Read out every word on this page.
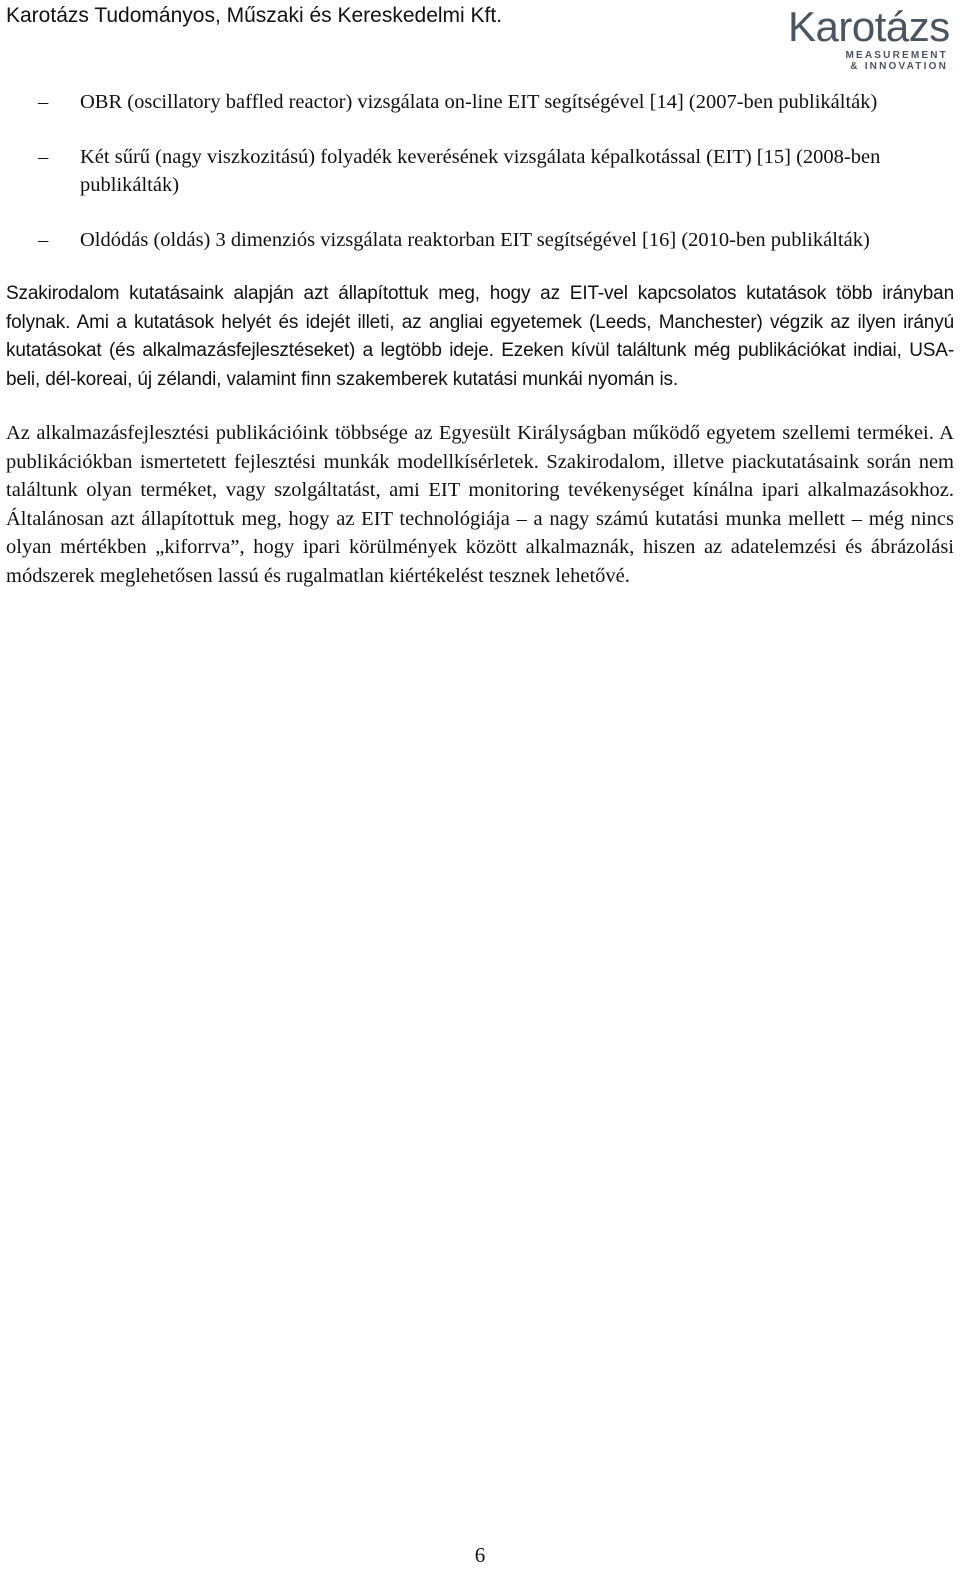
Karotázs Tudományos, Műszaki és Kereskedelmi Kft.	Karotázs
MEASUREMENT
& INNOVATION
– OBR (oscillatory baffled reactor) vizsgálata on-line EIT segítségével [14] (2007-ben publikálták)
– Két sűrű (nagy viszkozitású) folyadék keverésének vizsgálata képalkotással (EIT) [15] (2008-ben publikálták)
– Oldódás (oldás) 3 dimenziós vizsgálata reaktorban EIT segítségével [16] (2010-ben publikálták)

Szakirodalom kutatásaink alapján azt állapítottuk meg, hogy az EIT-vel kapcsolatos kutatások több irányban folynak. Ami a kutatások helyét és idejét illeti, az angliai egyetemek (Leeds, Manchester) végzik az ilyen irányú kutatásokat (és alkalmazásfejlesztéseket) a legtöbb ideje. Ezeken kívül találtunk még publikációkat indiai, USA-beli, dél-koreai, új zélandi, valamint finn szakemberek kutatási munkái nyomán is.

Az alkalmazásfejlesztési publikációink többsége az Egyesült Királyságban működő egyetem szellemi termékei. A publikációkban ismertetett fejlesztési munkák modellkísérletek. Szakirodalom, illetve piackutatásaink során nem találtunk olyan terméket, vagy szolgáltatást, ami EIT monitoring tevékenységet kínálna ipari alkalmazásokhoz. Általánosan azt állapítottuk meg, hogy az EIT technológiája – a nagy számú kutatási munka mellett – még nincs olyan mértékben „kiforrva”, hogy ipari körülmények között alkalmaznák, hiszen az adatelemzési és ábrázolási módszerek meglehetősen lassú és rugalmatlan kiértékelést tesznek lehetővé.

6
